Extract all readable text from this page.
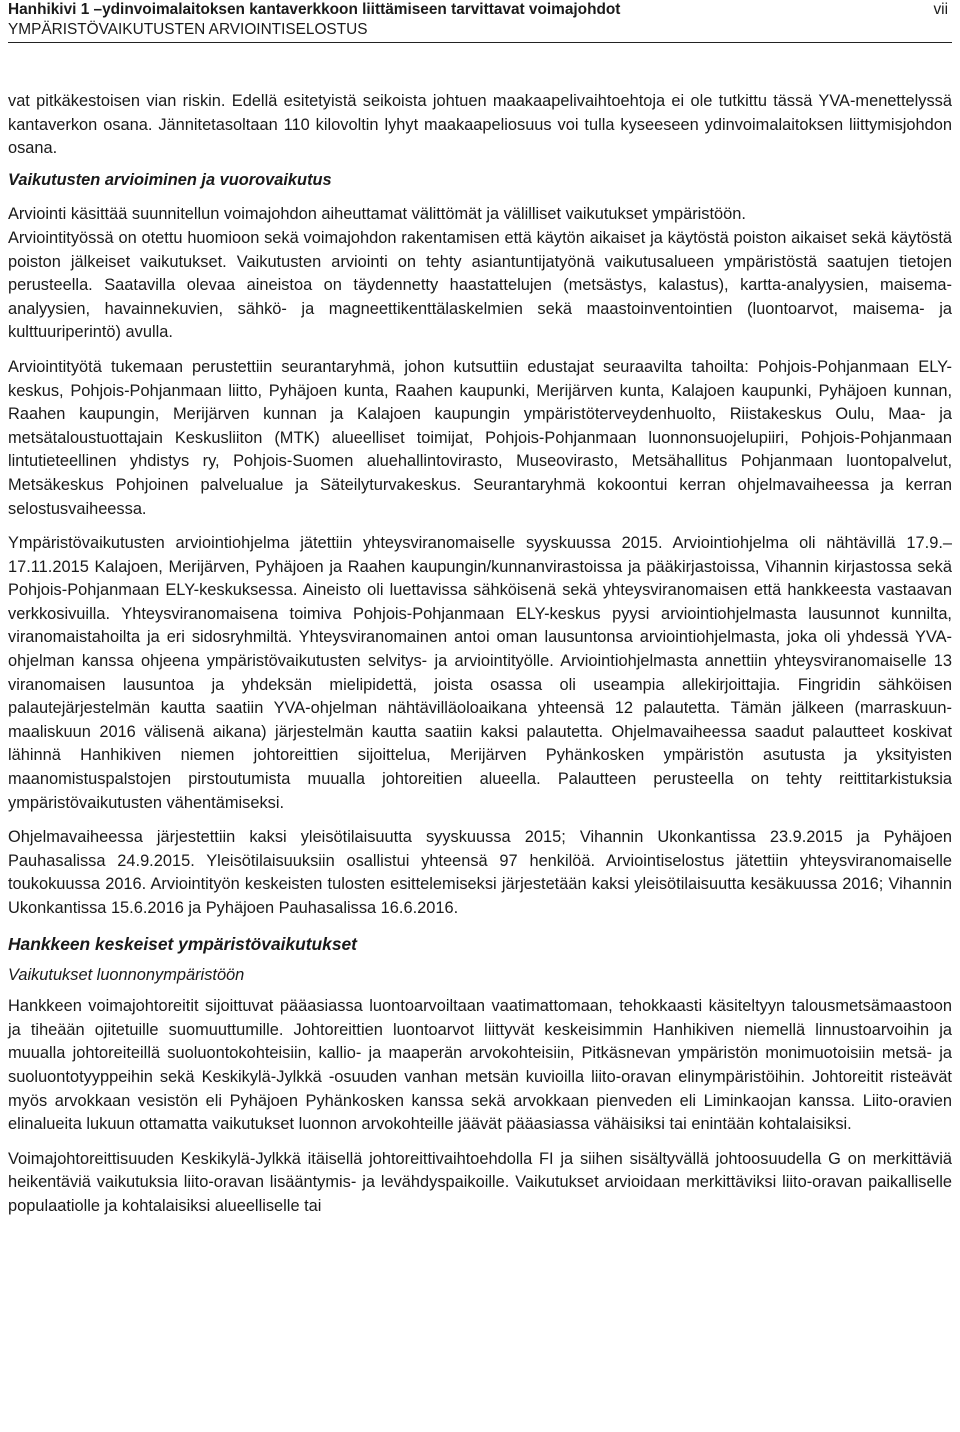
Hanhikivi 1 –ydinvoimalaitoksen kantaverkkoon liittämiseen tarvittavat voimajohdot
YMPÄRISTÖVAIKUTUSTEN ARVIOINTISELOSTUS
vii

vat pitkäkestoisen vian riskin. Edellä esitetyistä seikoista johtuen maakaapelivaihtoehtoja ei ole tutkittu tässä YVA-menettelyssä kantaverkon osana. Jännitetasoltaan 110 kilovoltin lyhyt maakaapeliosuus voi tulla kyseeseen ydinvoimalaitoksen liittymisjohdon osana.

Vaikutusten arvioiminen ja vuorovaikutus

Arviointi käsittää suunnitellun voimajohdon aiheuttamat välittömät ja välilliset vaikutukset ympäristöön.

Arviointityössä on otettu huomioon sekä voimajohdon rakentamisen että käytön aikaiset ja käytöstä poiston aikaiset sekä käytöstä poiston jälkeiset vaikutukset. Vaikutusten arviointi on tehty asiantuntijatyönä vaikutusalueen ympäristöstä saatujen tietojen perusteella. Saatavilla olevaa aineistoa on täydennetty haastattelujen (metsästys, kalastus), kartta-analyysien, maisema-analyysien, havainnekuvien, sähkö- ja magneettikenttälaskelmien sekä maastoinventointien (luontoarvot, maisema- ja kulttuuriperintö) avulla.

Arviointityötä tukemaan perustettiin seurantaryhmä, johon kutsuttiin edustajat seuraavilta tahoilta: Pohjois-Pohjanmaan ELY-keskus, Pohjois-Pohjanmaan liitto, Pyhäjoen kunta, Raahen kaupunki, Merijärven kunta, Kalajoen kaupunki, Pyhäjoen kunnan, Raahen kaupungin, Merijärven kunnan ja Kalajoen kaupungin ympäristöterveydenhuolto, Riistakeskus Oulu, Maa- ja metsätaloustuottajain Keskusliiton (MTK) alueelliset toimijat, Pohjois-Pohjanmaan luonnonsuojelupiiri, Pohjois-Pohjanmaan lintutieteellinen yhdistys ry, Pohjois-Suomen aluehallintovirasto, Museovirasto, Metsähallitus Pohjanmaan luontopalvelut, Metsäkeskus Pohjoinen palvelualue ja Säteilyturvakeskus. Seurantaryhmä kokoontui kerran ohjelmavaiheessa ja kerran selostusvaiheessa.

Ympäristövaikutusten arviointiohjelma jätettiin yhteysviranomaiselle syyskuussa 2015. Arviointiohjelma oli nähtävillä 17.9.–17.11.2015 Kalajoen, Merijärven, Pyhäjoen ja Raahen kaupungin/kunnanvirastoissa ja pääkirjastoissa, Vihannin kirjastossa sekä Pohjois-Pohjanmaan ELY-keskuksessa. Aineisto oli luettavissa sähköisenä sekä yhteysviranomaisen että hankkeesta vastaavan verkkosivuilla. Yhteysviranomaisena toimiva Pohjois-Pohjanmaan ELY-keskus pyysi arviointiohjelmasta lausunnot kunnilta, viranomaistahoilta ja eri sidosryhmiltä. Yhteysviranomainen antoi oman lausuntonsa arviointiohjelmasta, joka oli yhdessä YVA-ohjelman kanssa ohjeena ympäristövaikutusten selvitys- ja arviointityölle. Arviointiohjelmasta annettiin yhteysviranomaiselle 13 viranomaisen lausuntoa ja yhdeksän mielipidettä, joista osassa oli useampia allekirjoittajia. Fingridin sähköisen palautejärjestelmän kautta saatiin YVA-ohjelman nähtävilläoloaikana yhteensä 12 palautetta. Tämän jälkeen (marraskuun-maaliskuun 2016 välisenä aikana) järjestelmän kautta saatiin kaksi palautetta. Ohjelmavaiheessa saadut palautteet koskivat lähinnä Hanhikiven niemen johtoreittien sijoittelua, Merijärven Pyhänkosken ympäristön asutusta ja yksityisten maanomistuspalstojen pirstoutumista muualla johtoreitien alueella. Palautteen perusteella on tehty reittitarkistuksia ympäristövaikutusten vähentämiseksi.

Ohjelmavaiheessa järjestettiin kaksi yleisötilaisuutta syyskuussa 2015; Vihannin Ukonkantissa 23.9.2015 ja Pyhäjoen Pauhasalissa 24.9.2015. Yleisötilaisuuksiin osallistui yhteensä 97 henkilöä. Arviointiselostus jätettiin yhteysviranomaiselle toukokuussa 2016. Arviointityön keskeisten tulosten esittelemiseksi järjestetään kaksi yleisötilaisuutta kesäkuussa 2016; Vihannin Ukonkantissa 15.6.2016 ja Pyhäjoen Pauhasalissa 16.6.2016.

Hankkeen keskeiset ympäristövaikutukset
Vaikutukset luonnonympäristöön

Hankkeen voimajohtoreitit sijoittuvat pääasiassa luontoarvoiltaan vaatimattomaan, tehokkaasti käsiteltyyn talousmetsämaastoon ja tiheään ojitetuille suomuuttumille. Johtoreittien luontoarvot liittyvät keskeisimmin Hanhikiven niemellä linnustoarvoihin ja muualla johtoreiteillä suoluontokohteisiin, kallio- ja maaperän arvokohteisiin, Pitkäsnevan ympäristön monimuotoisiin metsä- ja suoluontotyyppeihin sekä Keskikylä-Jylkkä -osuuden vanhan metsän kuvioilla liito-oravan elinympäristöihin. Johtoreitit risteävät myös arvokkaan vesistön eli Pyhäjoen Pyhänkosken kanssa sekä arvokkaan pienveden eli Liminkaojan kanssa. Liito-oravien elinalueita lukuun ottamatta vaikutukset luonnon arvokohteille jäävät pääasiassa vähäisiksi tai enintään kohtalaisiksi.

Voimajohtoreittisuuden Keskikylä-Jylkkä itäisellä johtoreittivaihtoehdolla FI ja siihen sisältyvällä johtoosuudella G on merkittäviä heikentäviä vaikutuksia liito-oravan lisääntymis- ja levähdyspaikoille. Vaikutukset arvioidaan merkittäviksi liito-oravan paikalliselle populaatiolle ja kohtalaisiksi alueelliselle tai
